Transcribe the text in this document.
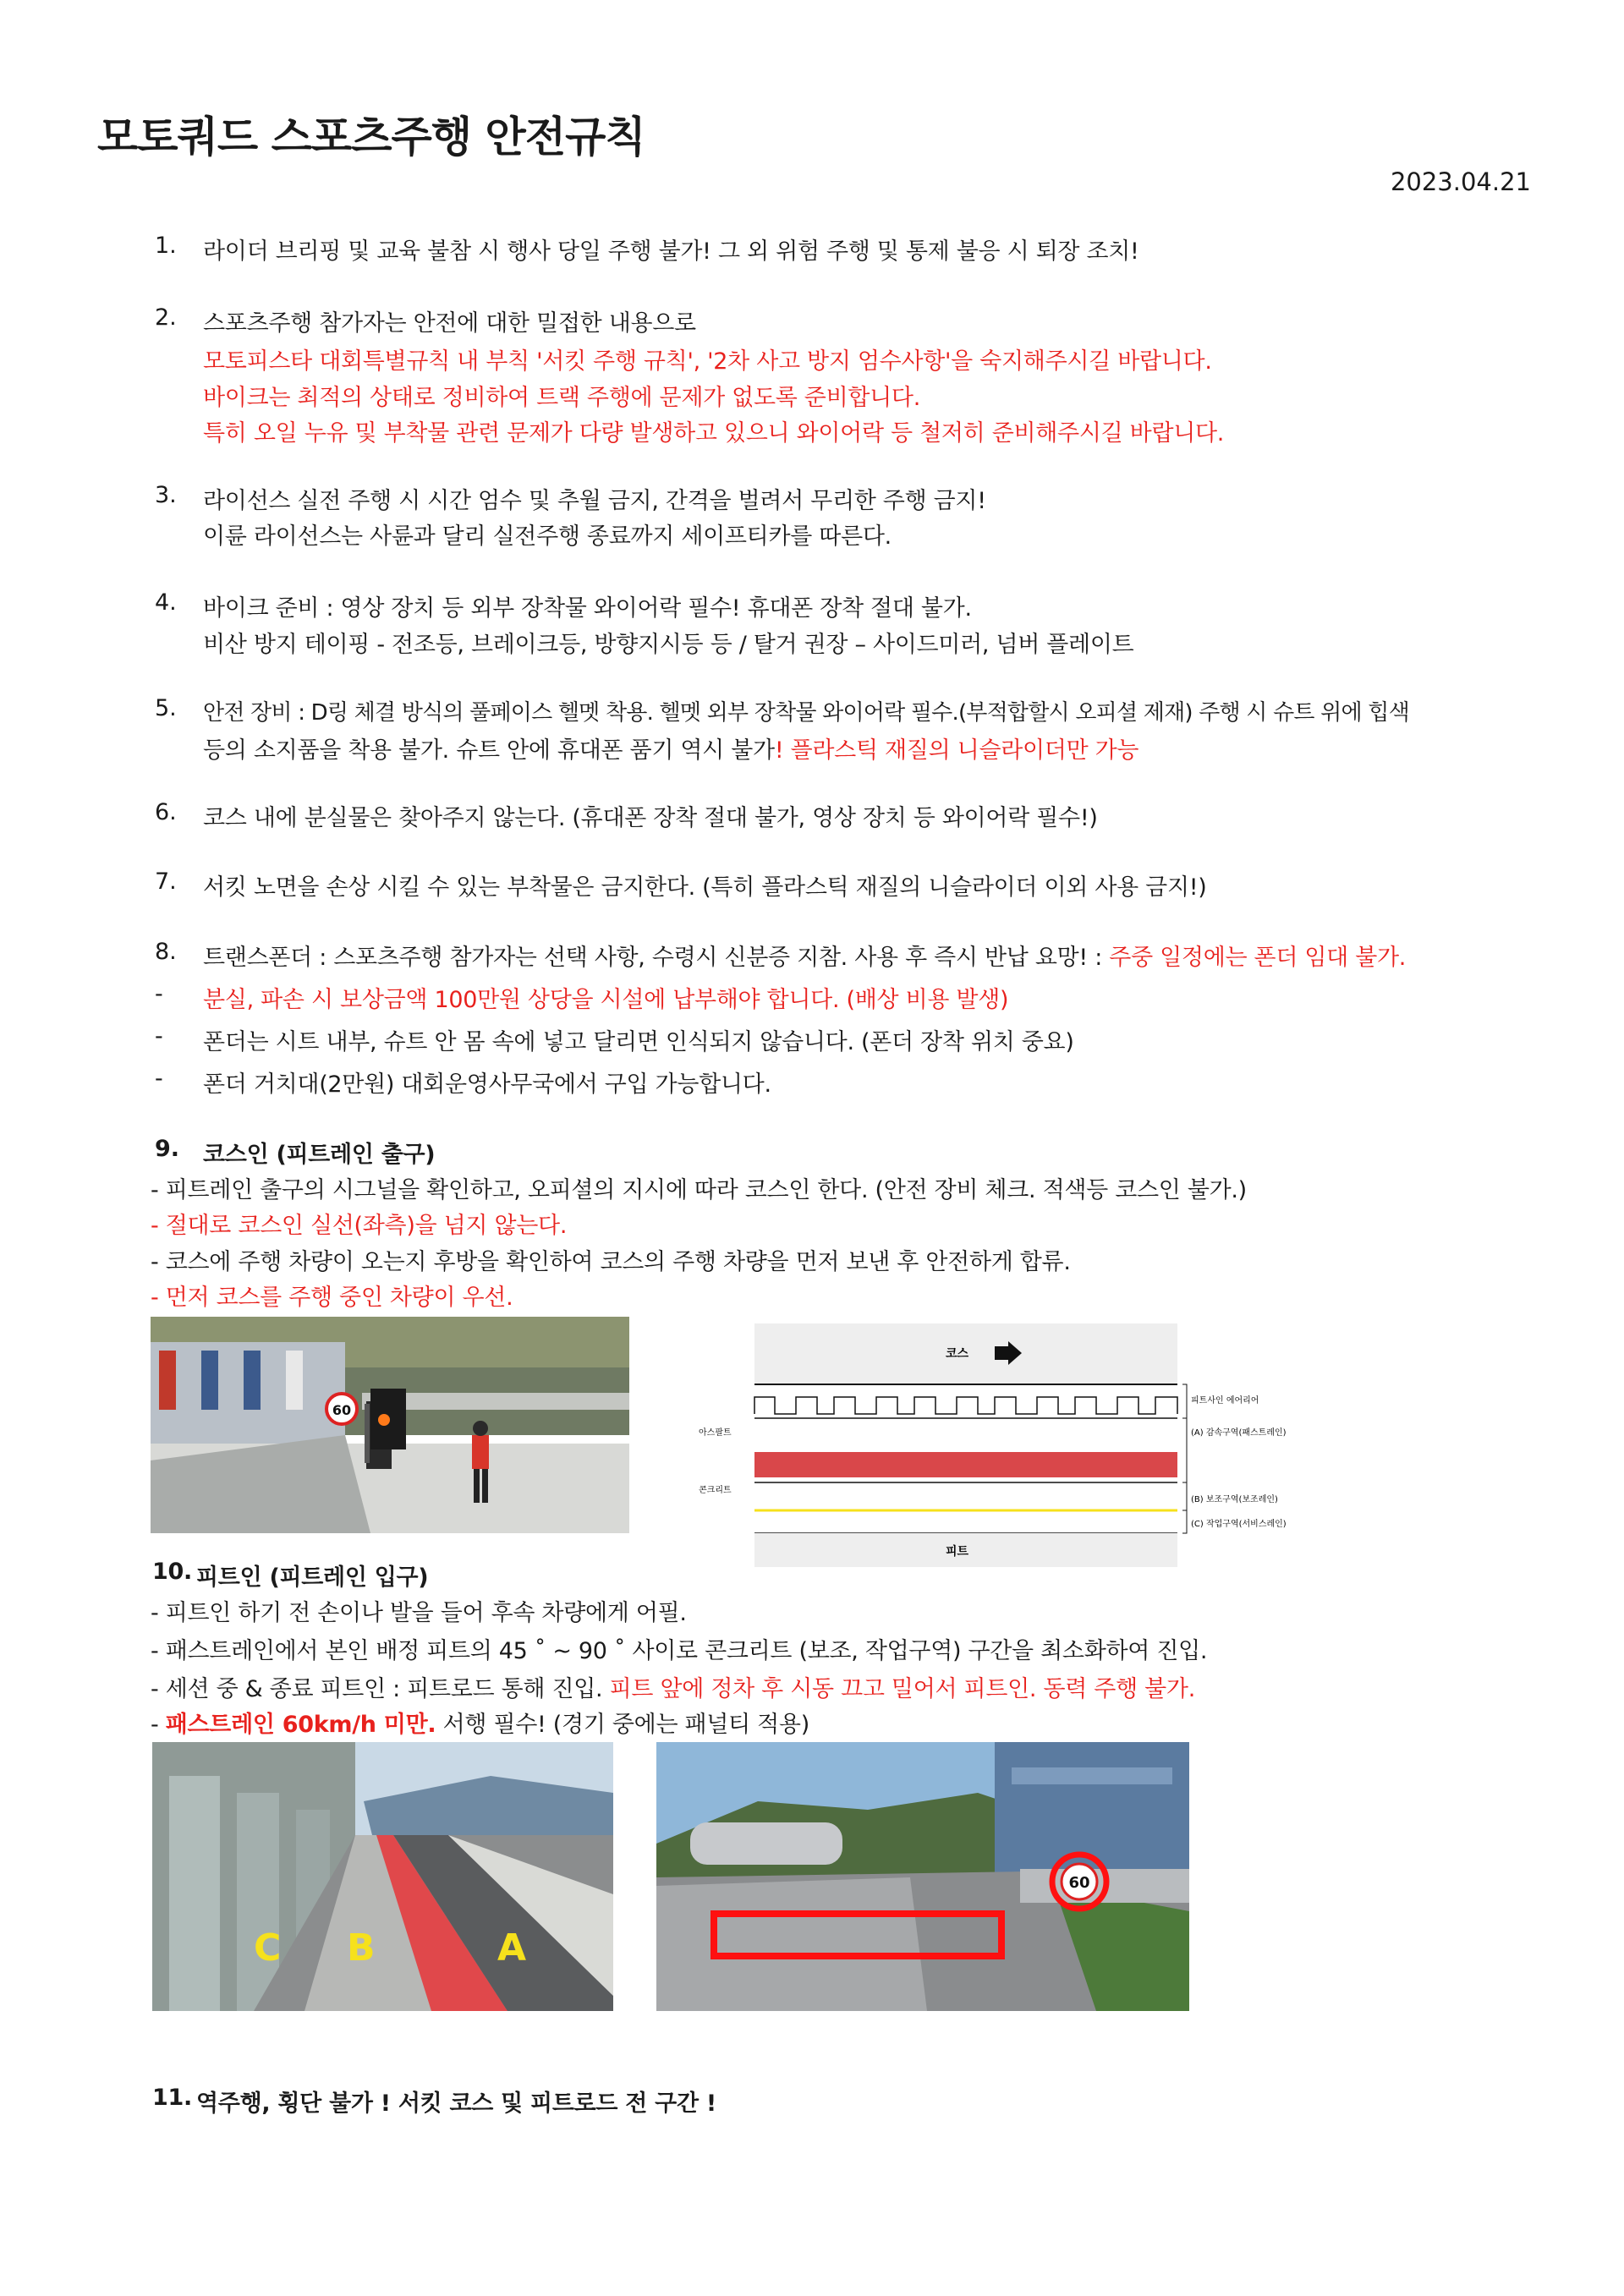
모토쿼드 스포츠주행 안전규칙
2023.04.21
1. 라이더 브리핑 및 교육 불참 시 행사 당일 주행 불가! 그 외 위험 주행 및 통제 불응 시 퇴장 조치!
2. 스포츠주행 참가자는 안전에 대한 밀접한 내용으로
모토피스타 대회특별규칙 내 부칙 '서킷 주행 규칙', '2차 사고 방지 엄수사항'을 숙지해주시길 바랍니다.
바이크는 최적의 상태로 정비하여 트랙 주행에 문제가 없도록 준비합니다.
특히 오일 누유 및 부착물 관련 문제가 다량 발생하고 있으니 와이어락 등 철저히 준비해주시길 바랍니다.
3. 라이선스 실전 주행 시 시간 엄수 및 추월 금지, 간격을 벌려서 무리한 주행 금지!
이륜 라이선스는 사륜과 달리 실전주행 종료까지 세이프티카를 따른다.
4. 바이크 준비 : 영상 장치 등 외부 장착물 와이어락 필수! 휴대폰 장착 절대 불가.
비산 방지 테이핑 - 전조등, 브레이크등, 방향지시등 등 / 탈거 권장 – 사이드미러, 넘버 플레이트
5. 안전 장비 : D링 체결 방식의 풀페이스 헬멧 착용. 헬멧 외부 장착물 와이어락 필수.(부적합할시 오피셜 제재) 주행 시 슈트 위에 힙색
등의 소지품을 착용 불가. 슈트 안에 휴대폰 품기 역시 불가! 플라스틱 재질의 니슬라이더만 가능
6. 코스 내에 분실물은 찾아주지 않는다. (휴대폰 장착 절대 불가, 영상 장치 등 와이어락 필수!)
7. 서킷 노면을 손상 시킬 수 있는 부착물은 금지한다. (특히 플라스틱 재질의 니슬라이더 이외 사용 금지!)
8. 트랜스폰더 : 스포츠주행 참가자는 선택 사항, 수령시 신분증 지참. 사용 후 즉시 반납 요망! : 주중 일정에는 폰더 임대 불가.
- 분실, 파손 시 보상금액 100만원 상당을 시설에 납부해야 합니다. (배상 비용 발생)
- 폰더는 시트 내부, 슈트 안 몸 속에 넣고 달리면 인식되지 않습니다. (폰더 장착 위치 중요)
- 폰더 거치대(2만원) 대회운영사무국에서 구입 가능합니다.
9. 코스인 (피트레인 출구)
- 피트레인 출구의 시그널을 확인하고, 오피셜의 지시에 따라 코스인 한다. (안전 장비 체크. 적색등 코스인 불가.)
- 절대로 코스인 실선(좌측)을 넘지 않는다.
- 코스에 주행 차량이 오는지 후방을 확인하여 코스의 주행 차량을 먼저 보낸 후 안전하게 합류.
- 먼저 코스를 주행 중인 차량이 우선.
60
코스
피트
아스팔트
콘크리트
피트사인 에어리어
(A) 감속구역(패스트레인)
(B) 보조구역(보조레인)
(C) 작업구역(서비스레인)
10. 피트인 (피트레인 입구)
- 피트인 하기 전 손이나 발을 들어 후속 차량에게 어필.
- 패스트레인에서 본인 배정 피트의 45 ˚ ~ 90 ˚ 사이로 콘크리트 (보조, 작업구역) 구간을 최소화하여 진입.
- 세션 중 & 종료 피트인 : 피트로드 통해 진입. 피트 앞에 정차 후 시동 끄고 밀어서 피트인. 동력 주행 불가.
- 패스트레인 60km/h 미만. 서행 필수! (경기 중에는 패널티 적용)
C B	A
60
11. 역주행, 횡단 불가 ! 서킷 코스 및 피트로드 전 구간 !
